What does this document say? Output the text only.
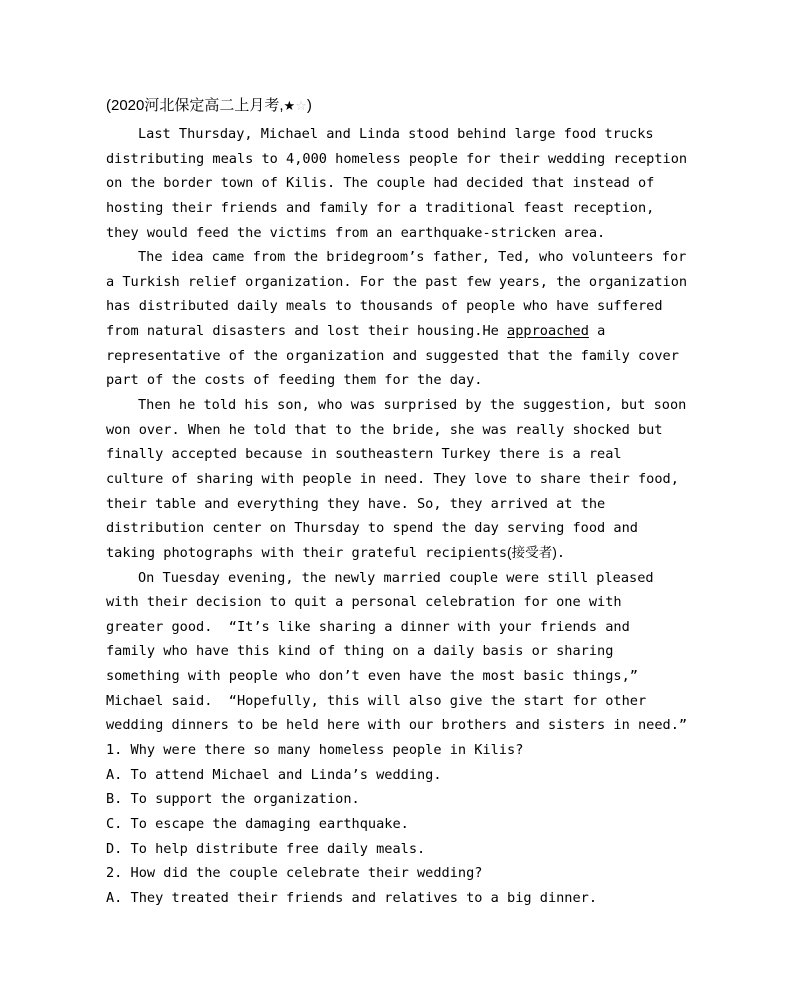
(2020河北保定高二上月考,★☆)
Last Thursday, Michael and Linda stood behind large food trucks
distributing meals to 4,000 homeless people for their wedding reception
on the border town of Kilis. The couple had decided that instead of
hosting their friends and family for a traditional feast reception,
they would feed the victims from an earthquake-stricken area.
The idea came from the bridegroom’s father, Ted, who volunteers for
a Turkish relief organization. For the past few years, the organization
has distributed daily meals to thousands of people who have suffered
from natural disasters and lost their housing.He approached a
representative of the organization and suggested that the family cover
part of the costs of feeding them for the day.
Then he told his son, who was surprised by the suggestion, but soon
won over. When he told that to the bride, she was really shocked but
finally accepted because in southeastern Turkey there is a real
culture of sharing with people in need. They love to share their food,
their table and everything they have. So, they arrived at the
distribution center on Thursday to spend the day serving food and
taking photographs with their grateful recipients(接受者).
On Tuesday evening, the newly married couple were still pleased
with their decision to quit a personal celebration for one with
greater good.  “It’s like sharing a dinner with your friends and
family who have this kind of thing on a daily basis or sharing
something with people who don’t even have the most basic things,”
Michael said.  “Hopefully, this will also give the start for other
wedding dinners to be held here with our brothers and sisters in need.”
1. Why were there so many homeless people in Kilis?
A. To attend Michael and Linda’s wedding.
B. To support the organization.
C. To escape the damaging earthquake.
D. To help distribute free daily meals.
2. How did the couple celebrate their wedding?
A. They treated their friends and relatives to a big dinner.
